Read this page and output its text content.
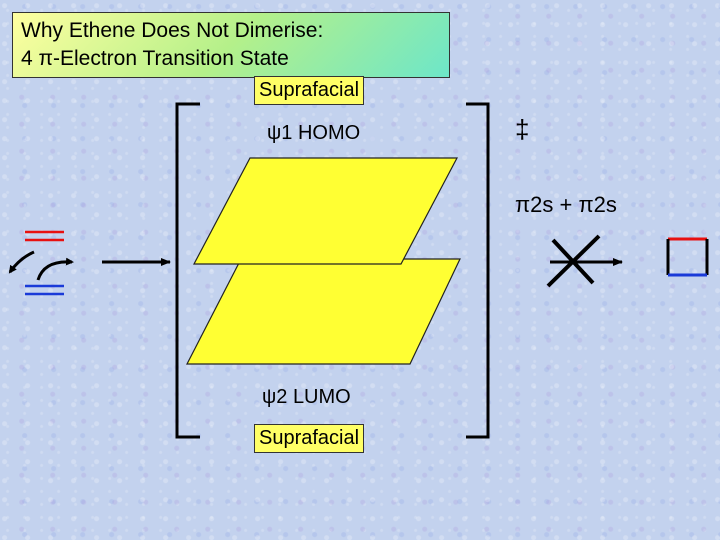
Why Ethene Does Not Dimerise:
4 π-Electron Transition State
Suprafacial
ψ1 HOMO	‡
π2s + π2s
ψ2 LUMO
Suprafacial
